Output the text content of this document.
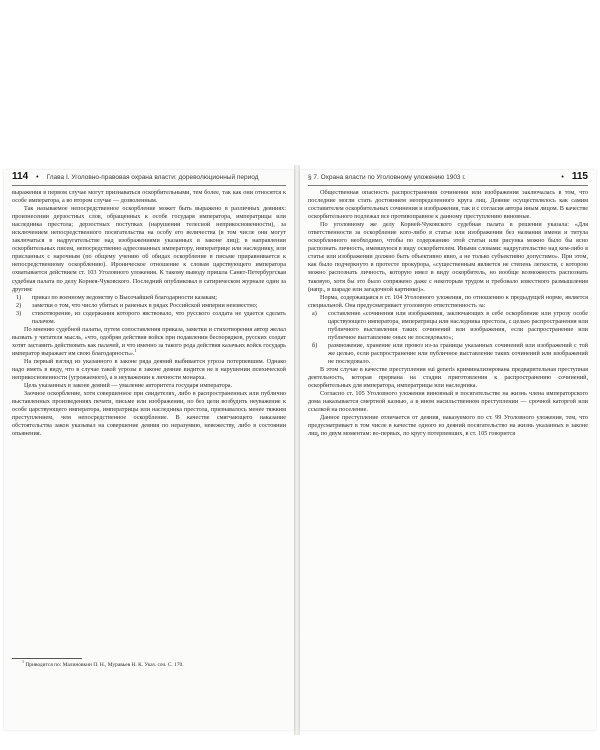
114 • Глава I. Уголовно-правовая охрана власти: дореволюционный период

выражения в первом случае могут признаваться оскорбительными, тем более, так как они относятся к особе императора, а во втором случае — дозволенным.

Так называемое непосредственное оскорбление может быть выражено в различных деяниях: произнесении дерзостных слов, обращенных к особе государя императора, императрицы или наследника престола; дерзостных поступках (нарушении телесной неприкосновенности), за исключением непосредственного посягательства на особу его величества (в том числе они могут заключаться в надругательстве над изображениями указанных в законе лиц); в направлении оскорбительных писем, непосредственно адресованных императору, императрице или наследнику, или присланных с нарочным (по общему учению об обидах оскорбление в письме приравнивается к непосредственному оскорблению). Ироническое отношение к словам царствующего императора охватывается действием ст. 103 Уголовного уложения. К такому выводу пришла Санкт-Петербургская судебная палата по делу Корнея-Чуковского. Последний опубликовал в сатирическом журнале один за другим:

1)	приказ по военному ведомству о Высочайшей благодарности казакам;
2)	заметки о том, что число убитых и раненых в рядах Российской империи неизвестно;
3)	стихотворение, из содержания которого явствовало, что русского солдата не удается сделать палачом.

По мнению судебной палаты, путем сопоставления приказа, заметки и стихотворения автор желал вызвать у читателя мысль, «что, одобряя действия войск при подавлении беспорядков, русских солдат хотят заставить действовать как палачей, и что именно за такого рода действия казачьих войск государь император выражает им свою благодарность».$^1$

На первый взгляд из указанного в законе ряда деяний выбивается угроза потерпевшим. Однако надо иметь в виду, что в случае такой угрозы в законе деяние видится не в нарушении психической неприкосновенности (угрожаемого), а в неуважении к личности монарха.

Цель указанных в законе деяний — умаление авторитета государя императора.

Заочное оскорбление, хотя совершенное при свидетелях, либо в распространенных или публично выставленных произведениях печати, письме или изображении, но без цели возбудить неуважение к особе царствующего императора, императрицы или наследника престола, признавалось менее тяжким преступлением, чем непосредственное оскорбление. В качестве смягчающего наказание обстоятельства закон указывал на совершение деяния по неразумию, невежеству, либо в состоянии опьянения.

$^1$ Приводится по: Малиновкин П. Н., Муравьев Н. К. Указ. соч. С. 170.

§ 7. Охрана власти по Уголовному уложению 1903 г.	• 115

Общественная опасность распространения сочинения или изображения заключалась в том, что последние могли стать достоянием неопределенного круга лиц. Деяние осуществлялось как самим составителем оскорбительных сочинения и изображения, так и с согласия автора иным лицом. В качестве оскорбительного подлежал все противоправное к данному преступлению виновные.

По уголовному же делу Корней-Чуковского судебная палата в решении указала: «Для ответственности за оскорбление кого-либо в статье или изображении без названия имени и титула оскорбленного необходимо, чтобы по содержанию этой статьи или рисунка можно было бы ясно распознать личность, имевшуюся в виду оскорбителем. Иными словами: надругательство над кем-либо в статье или изображении должно быть объективно явно, а не только субъективно допустимо». При этом, как было подчеркнуто в протесте прокурора, «существенным является не степень легкости, с которою можно распознать личность, которую имел в виду оскорбитель, но вообще возможность распознать таковую, хотя бы это было сопряжено даже с некоторым трудом и требовало известного размышления (напр., в шараде или загадочной картинке)».

Норма, содержащаяся в ст. 104 Уголовного уложения, по отношению к предыдущей норме, является специальной. Она предусматривает уголовную ответственность за:

а)	составление «сочинения или изображения, заключающих в себе оскорбление или угрозу особе царствующего императора, императрицы или наследника престола, с целью распространения или публичного выставления таких сочинений или изображения, если распространение или публичное выставление оных не последовало»;
б)	размножение, хранение или провоз из-за границы указанных сочинений или изображений с той же целью, если распространение или публичное выставление таких сочинений или изображений не последовало.

В этом случае в качестве преступления sui generis криминализирована предварительная преступная деятельность, которая прервана на стадии приготовления к распространению сочинений, оскорбительных для императора, императрицы или наследника.

Согласно ст. 105 Уголовного уложения виновный в посягательстве на жизнь члена императорского дома наказывается смертной казнью, а в ином насильственном преступлении — срочной каторгой или ссылкой на поселение.

Данное преступление отличается от деяния, наказуемого по ст. 99 Уголовного уложения, тем, что предусматривает в том числе в качестве одного из деяний посягательство на жизнь указанных в законе лиц, по двум моментам: во-первых, по кругу потерпевших, в ст. 105 говорится
